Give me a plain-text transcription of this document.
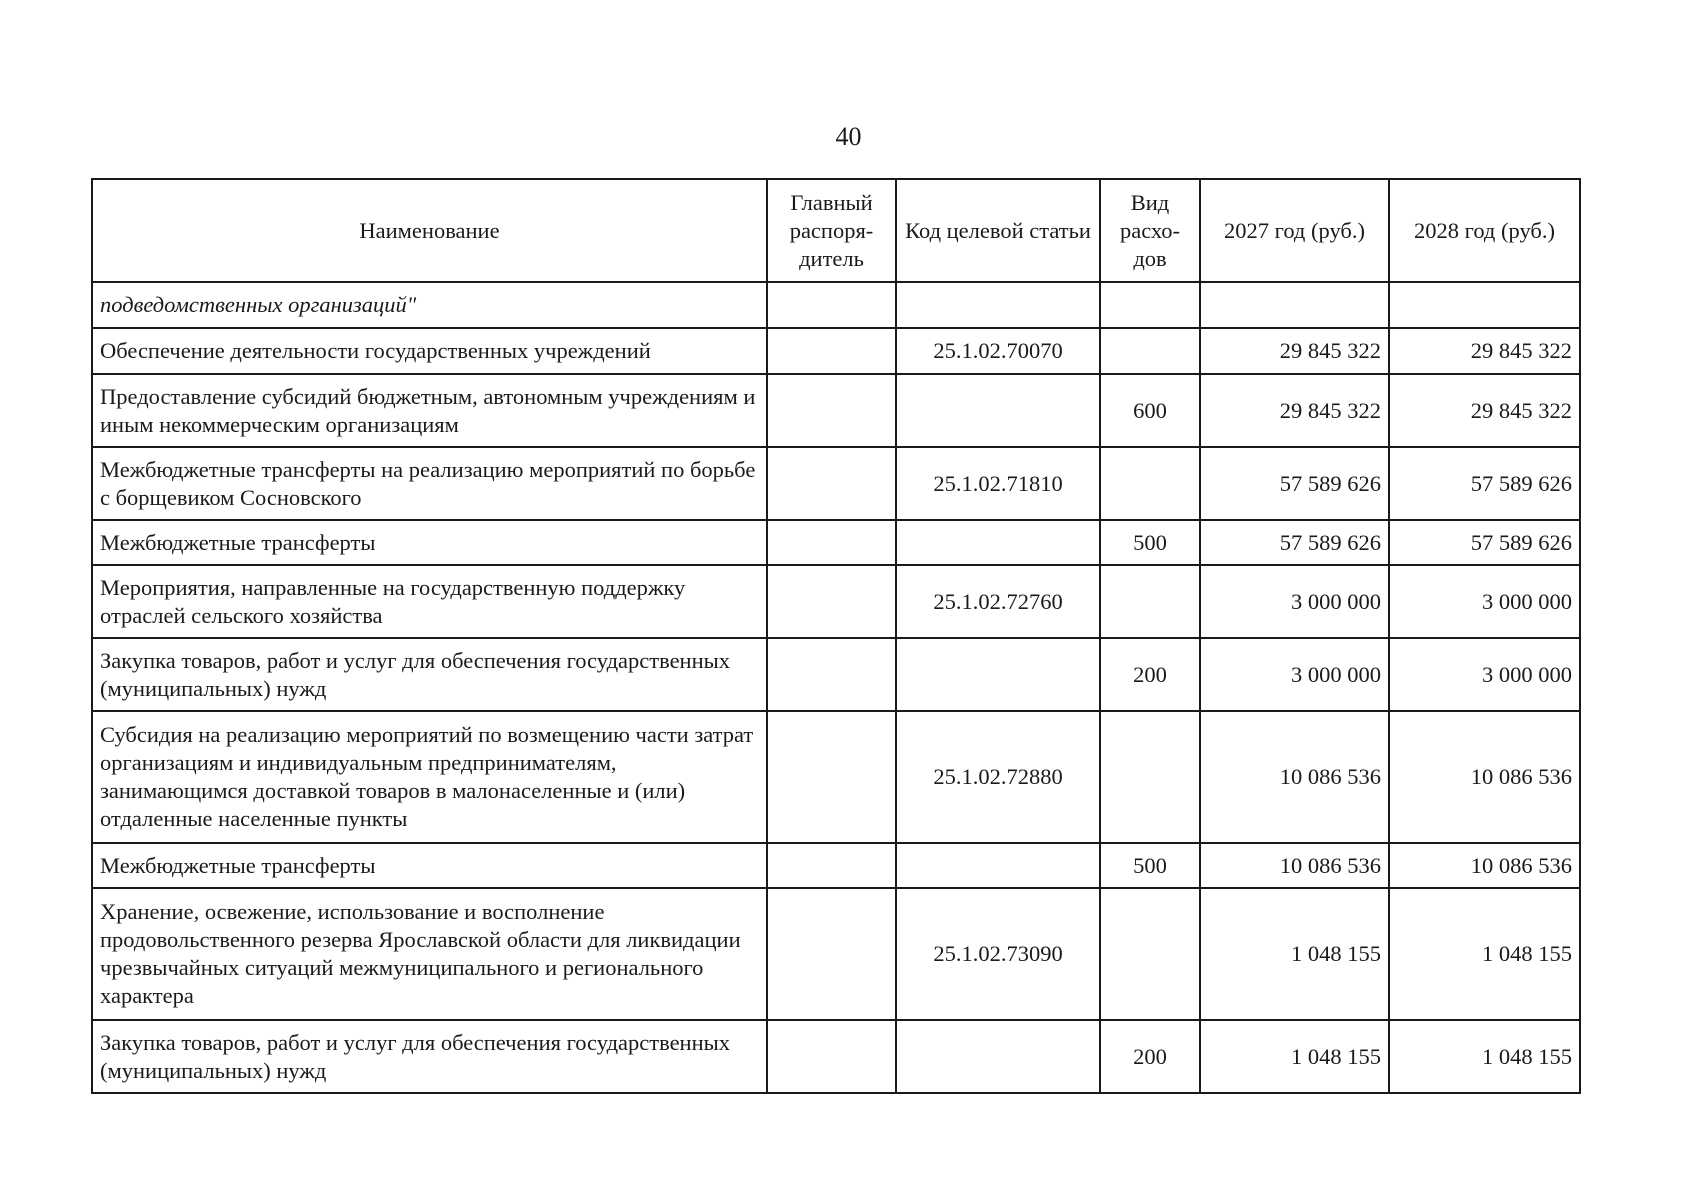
40
Наименование	Главный распоря-дитель	Код целевой статьи	Вид расхо-дов	2027 год (руб.)	2028 год (руб.)
подведомственных организаций"					
Обеспечение деятельности государственных учреждений		25.1.02.70070		29 845 322	29 845 322
Предоставление субсидий бюджетным, автономным учреждениям и иным некоммерческим организациям			600	29 845 322	29 845 322
Межбюджетные трансферты на реализацию мероприятий по борьбе с борщевиком Сосновского		25.1.02.71810		57 589 626	57 589 626
Межбюджетные трансферты			500	57 589 626	57 589 626
Мероприятия, направленные на государственную поддержку отраслей сельского хозяйства		25.1.02.72760		3 000 000	3 000 000
Закупка товаров, работ и услуг для обеспечения государственных (муниципальных) нужд			200	3 000 000	3 000 000
Субсидия на реализацию мероприятий по возмещению части затрат организациям и индивидуальным предпринимателям, занимающимся доставкой товаров в малонаселенные и (или) отдаленные населенные пункты		25.1.02.72880		10 086 536	10 086 536
Межбюджетные трансферты			500	10 086 536	10 086 536
Хранение, освежение, использование и восполнение продовольственного резерва Ярославской области для ликвидации чрезвычайных ситуаций межмуниципального и регионального характера		25.1.02.73090		1 048 155	1 048 155
Закупка товаров, работ и услуг для обеспечения государственных (муниципальных) нужд			200	1 048 155	1 048 155
